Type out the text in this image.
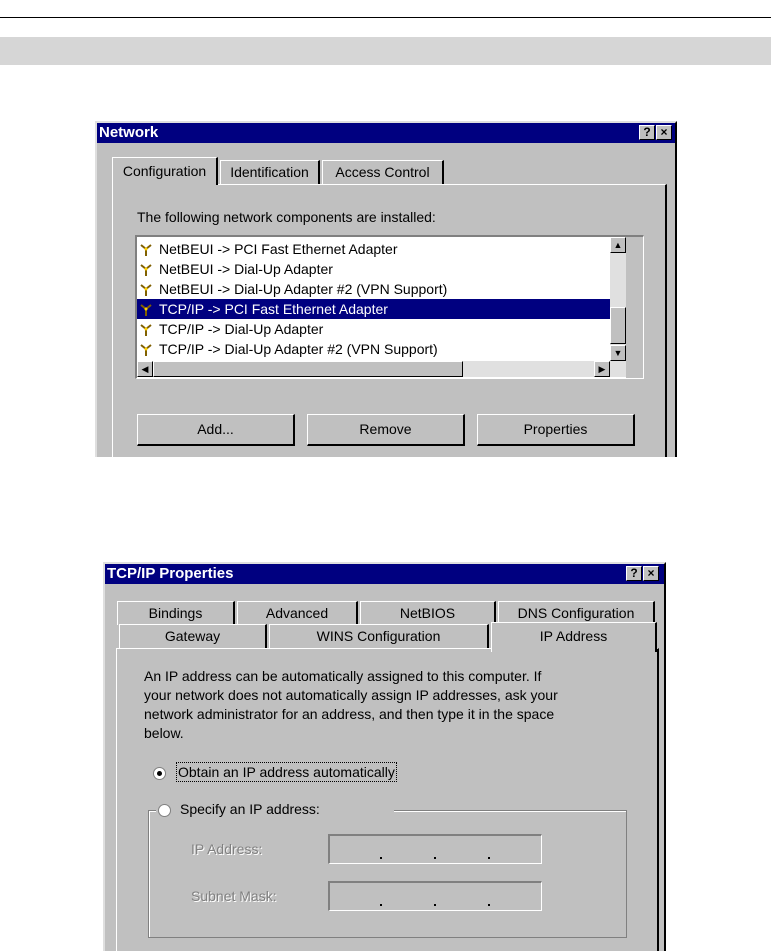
Network	? ×
Configuration	Identification	Access Control
The following network components are installed:
NetBEUI -> PCI Fast Ethernet Adapter
NetBEUI -> Dial-Up Adapter
NetBEUI -> Dial-Up Adapter #2 (VPN Support)
TCP/IP -> PCI Fast Ethernet Adapter
TCP/IP -> Dial-Up Adapter
TCP/IP -> Dial-Up Adapter #2 (VPN Support)
▲
▼
◀	▶
Add...	Remove	Properties
TCP/IP Properties	? ×
Bindings	Advanced	NetBIOS	DNS Configuration
Gateway	WINS Configuration	IP Address
An IP address can be automatically assigned to this computer. If
your network does not automatically assign IP addresses, ask your
network administrator for an address, and then type it in the space
below.
Obtain an IP address automatically
Specify an IP address:
IP Address:
Subnet Mask:
